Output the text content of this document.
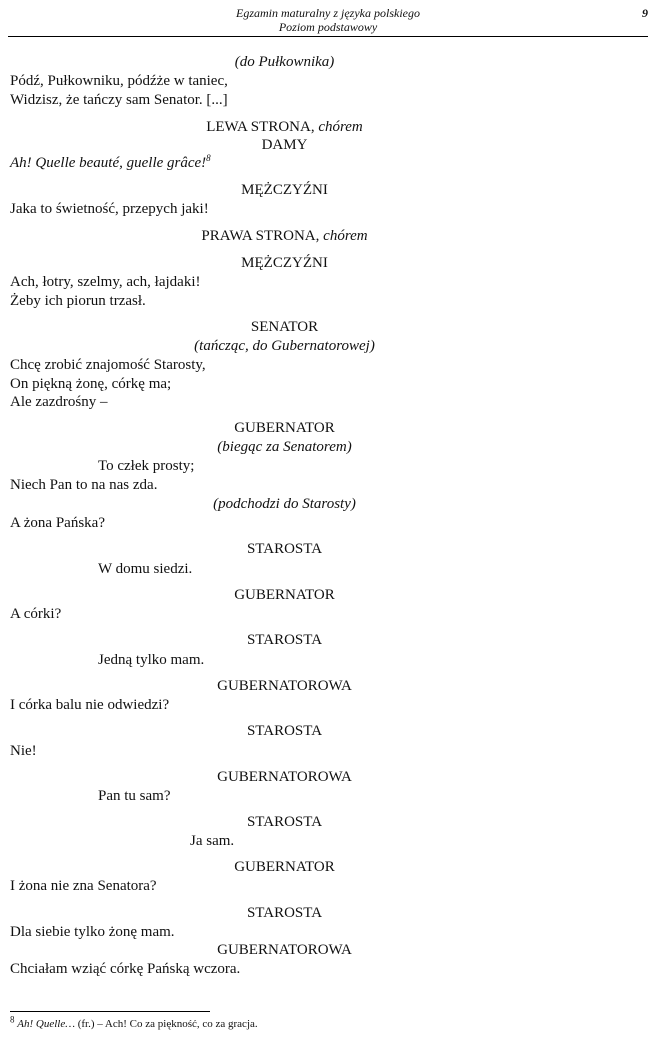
Egzamin maturalny z języka polskiego
Poziom podstawowy
9
(do Pułkownika)
Pódź, Pułkowniku, pódźże w taniec,
Widzisz, że tańczy sam Senator. [...]
LEWA STRONA, chórem
DAMY
Ah! Quelle beauté, guelle grâce!$^8$
MĘŻCZYŹNI
Jaka to świetność, przepych jaki!
PRAWA STRONA, chórem
MĘŻCZYŹNI
Ach, łotry, szelmy, ach, łajdaki!
Żeby ich piorun trzasł.
SENATOR
(tańcząc, do Gubernatorowej)
Chcę zrobić znajomość Starosty,
On piękną żonę, córkę ma;
Ale zazdrośny –
GUBERNATOR
(biegąc za Senatorem)
To człek prosty;
Niech Pan to na nas zda.
(podchodzi do Starosty)
A żona Pańska?
STAROSTA
W domu siedzi.
GUBERNATOR
A córki?
STAROSTA
Jedną tylko mam.
GUBERNATOROWA
I córka balu nie odwiedzi?
STAROSTA
Nie!
GUBERNATOROWA
Pan tu sam?
STAROSTA
Ja sam.
GUBERNATOR
I żona nie zna Senatora?
STAROSTA
Dla siebie tylko żonę mam.
GUBERNATOROWA
Chciałam wziąć córkę Pańską wczora.
$^8$ Ah! Quelle… (fr.) – Ach! Co za piękność, co za gracja.
